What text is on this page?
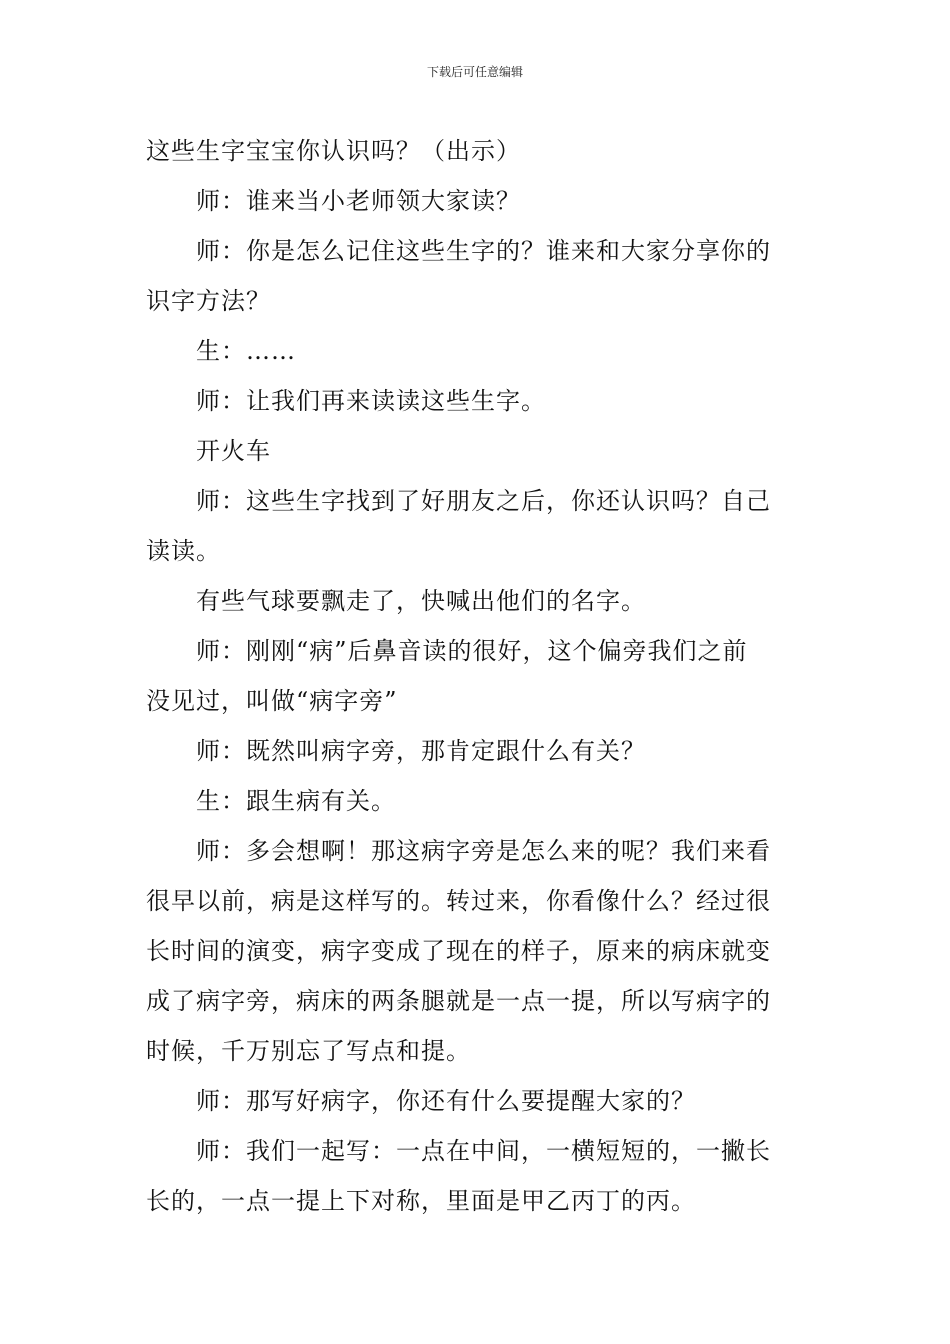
下载后可任意编辑

这些生字宝宝你认识吗？（出示）

师：谁来当小老师领大家读？

师：你是怎么记住这些生字的？谁来和大家分享你的

识字方法？

生：……

师：让我们再来读读这些生字。

开火车

师：这些生字找到了好朋友之后，你还认识吗？自己

读读。

有些气球要飘走了，快喊出他们的名字。

师：刚刚“病”后鼻音读的很好，这个偏旁我们之前

没见过，叫做“病字旁”

师：既然叫病字旁，那肯定跟什么有关？

生：跟生病有关。

师：多会想啊！那这病字旁是怎么来的呢？我们来看

很早以前，病是这样写的。转过来，你看像什么？经过很

长时间的演变，病字变成了现在的样子，原来的病床就变

成了病字旁，病床的两条腿就是一点一提，所以写病字的

时候，千万别忘了写点和提。

师：那写好病字，你还有什么要提醒大家的？

师：我们一起写：一点在中间，一横短短的，一撇长

长的，一点一提上下对称，里面是甲乙丙丁的丙。
